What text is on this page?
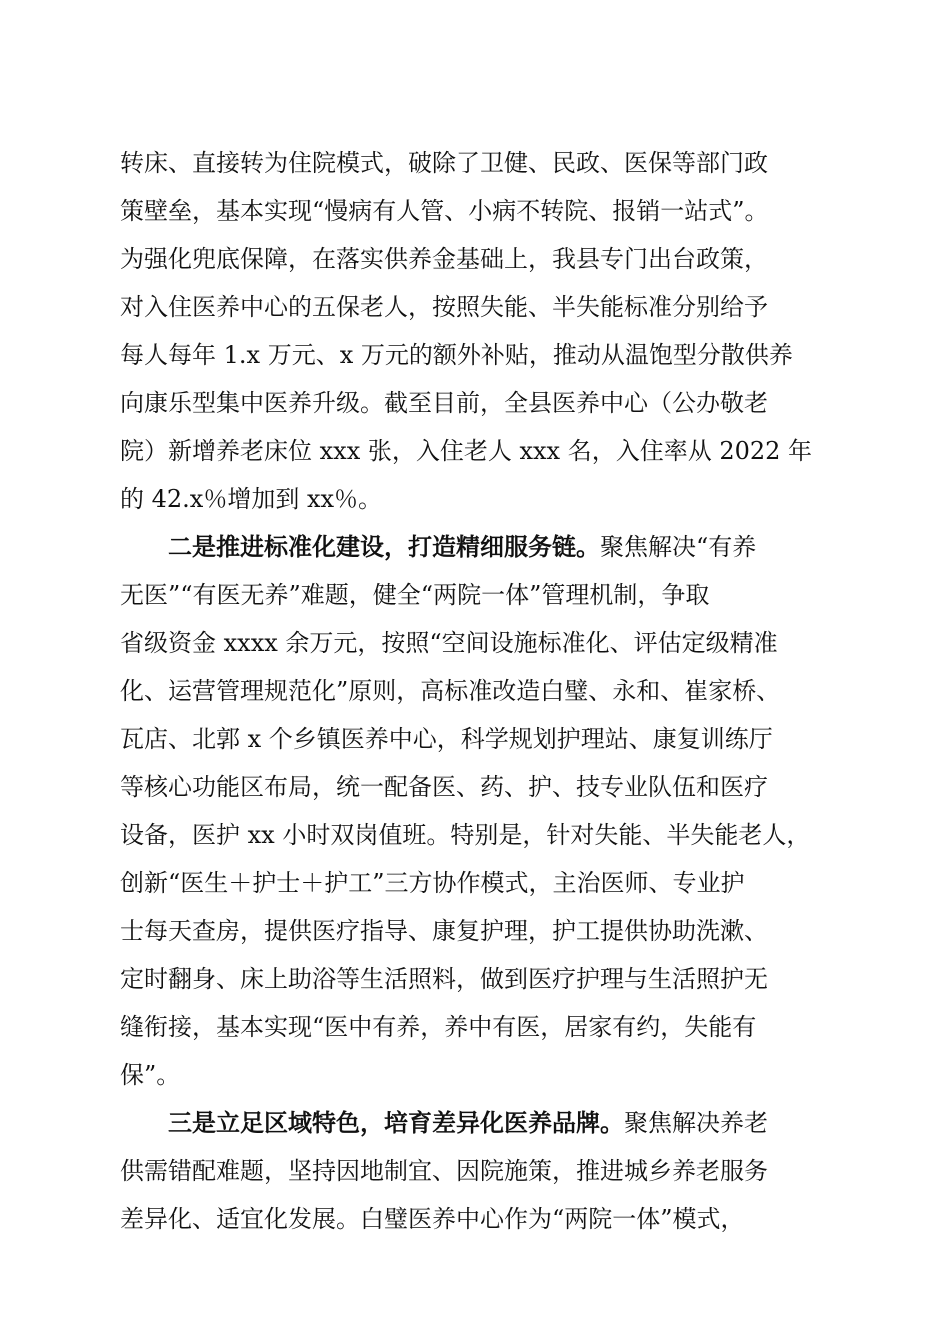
转床、直接转为住院模式，破除了卫健、民政、医保等部门政
策壁垒，基本实现“慢病有人管、小病不转院、报销一站式”。
为强化兜底保障，在落实供养金基础上，我县专门出台政策，
对入住医养中心的五保老人，按照失能、半失能标准分别给予
每人每年 1.x 万元、x 万元的额外补贴，推动从温饱型分散供养
向康乐型集中医养升级。截至目前，全县医养中心（公办敬老
院）新增养老床位 xxx 张，入住老人 xxx 名，入住率从 2022 年
的 42.x％增加到 xx％。
二是推进标准化建设，打造精细服务链。聚焦解决“有养
无医”“有医无养”难题，健全“两院一体”管理机制，争取
省级资金 xxxx 余万元，按照“空间设施标准化、评估定级精准
化、运营管理规范化”原则，高标准改造白璧、永和、崔家桥、
瓦店、北郭 x 个乡镇医养中心，科学规划护理站、康复训练厅
等核心功能区布局，统一配备医、药、护、技专业队伍和医疗
设备，医护 xx 小时双岗值班。特别是，针对失能、半失能老人，
创新“医生＋护士＋护工”三方协作模式，主治医师、专业护
士每天查房，提供医疗指导、康复护理，护工提供协助洗漱、
定时翻身、床上助浴等生活照料，做到医疗护理与生活照护无
缝衔接，基本实现“医中有养，养中有医，居家有约，失能有
保”。
三是立足区域特色，培育差异化医养品牌。聚焦解决养老
供需错配难题，坚持因地制宜、因院施策，推进城乡养老服务
差异化、适宜化发展。白璧医养中心作为“两院一体”模式，
